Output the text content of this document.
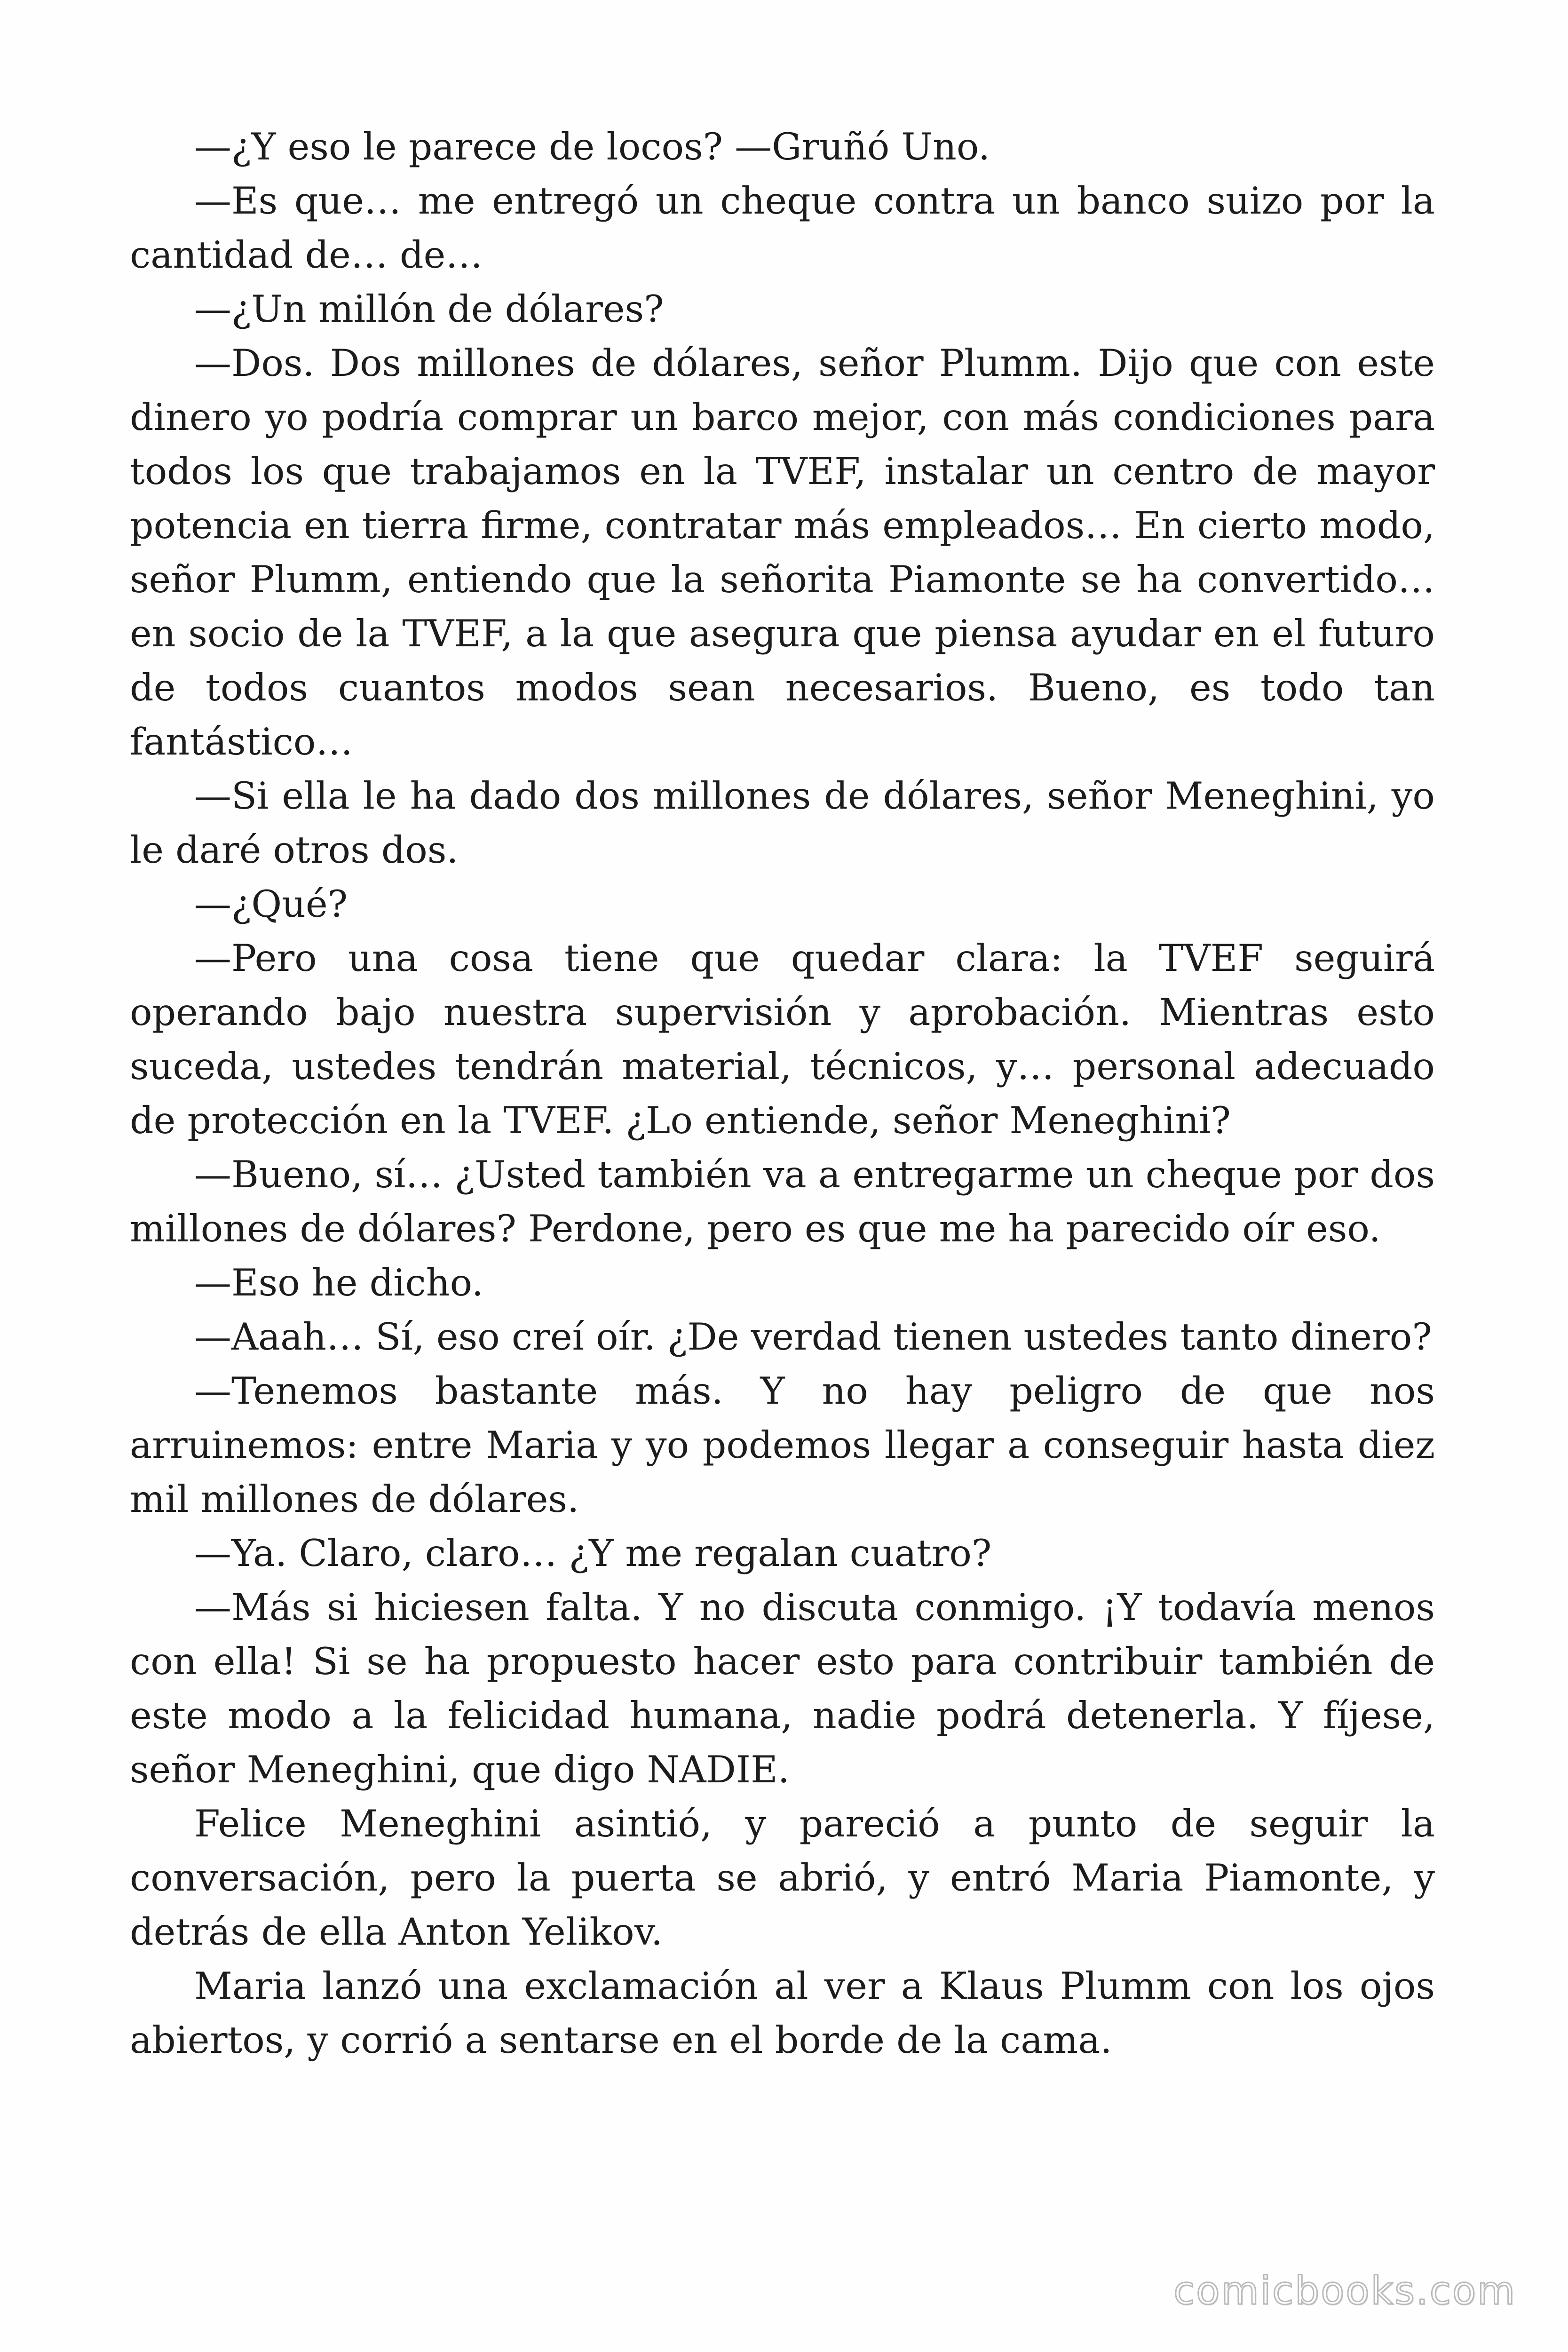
—¿Y eso le parece de locos? —Gruñó Uno.

—Es que… me entregó un cheque contra un banco suizo por la cantidad de… de…

—¿Un millón de dólares?

—Dos. Dos millones de dólares, señor Plumm. Dijo que con este dinero yo podría comprar un barco mejor, con más condiciones para todos los que trabajamos en la TVEF, instalar un centro de mayor potencia en tierra firme, contratar más empleados… En cierto modo, señor Plumm, entiendo que la señorita Piamonte se ha convertido… en socio de la TVEF, a la que asegura que piensa ayudar en el futuro de todos cuantos modos sean necesarios. Bueno, es todo tan fantástico…

—Si ella le ha dado dos millones de dólares, señor Meneghini, yo le daré otros dos.

—¿Qué?

—Pero una cosa tiene que quedar clara: la TVEF seguirá operando bajo nuestra supervisión y aprobación. Mientras esto suceda, ustedes tendrán material, técnicos, y… personal adecuado de protección en la TVEF. ¿Lo entiende, señor Meneghini?

—Bueno, sí… ¿Usted también va a entregarme un cheque por dos millones de dólares? Perdone, pero es que me ha parecido oír eso.

—Eso he dicho.

—Aaah… Sí, eso creí oír. ¿De verdad tienen ustedes tanto dinero?

—Tenemos bastante más. Y no hay peligro de que nos arruinemos: entre Maria y yo podemos llegar a conseguir hasta diez mil millones de dólares.

—Ya. Claro, claro… ¿Y me regalan cuatro?

—Más si hiciesen falta. Y no discuta conmigo. ¡Y todavía menos con ella! Si se ha propuesto hacer esto para contribuir también de este modo a la felicidad humana, nadie podrá detenerla. Y fíjese, señor Meneghini, que digo NADIE.

Felice Meneghini asintió, y pareció a punto de seguir la conversación, pero la puerta se abrió, y entró Maria Piamonte, y detrás de ella Anton Yelikov.

Maria lanzó una exclamación al ver a Klaus Plumm con los ojos abiertos, y corrió a sentarse en el borde de la cama.

comicbooks.com
